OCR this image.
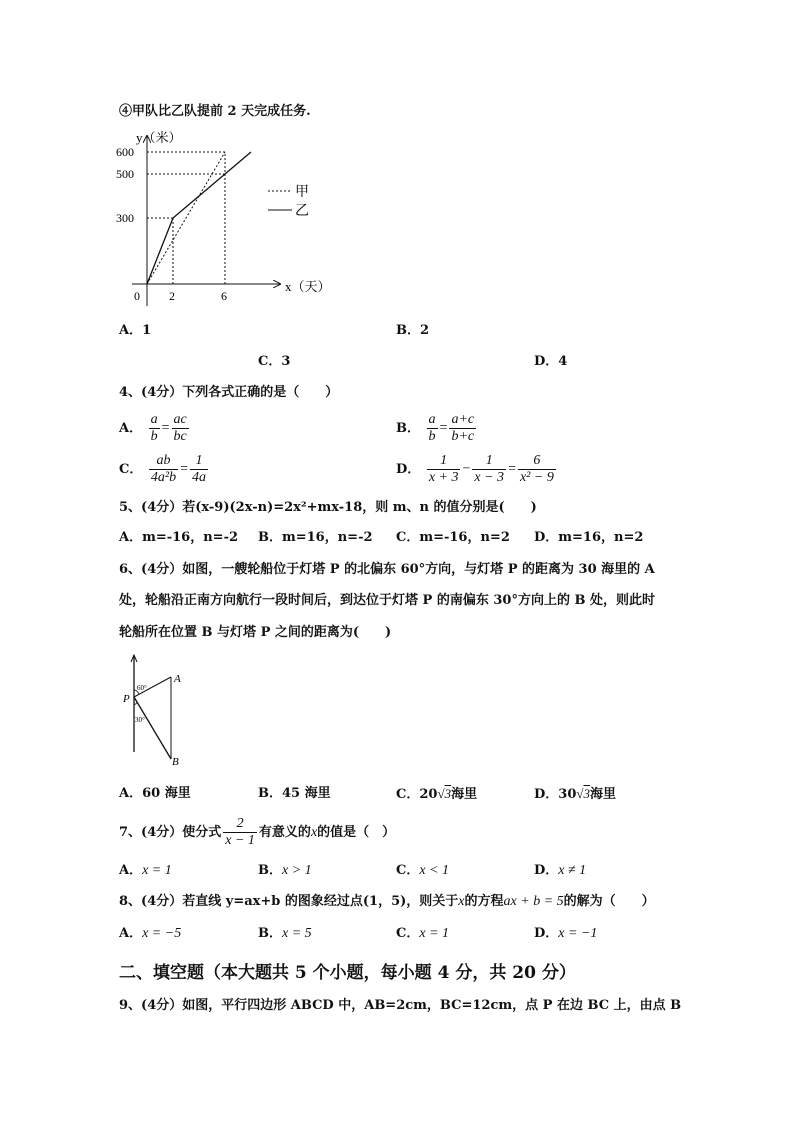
④甲队比乙队提前 2 天完成任务.
300
500
600
2	6
0
y（米）
x（天）
甲
乙
A．1	B．2
C．3	D．4
4、(4分）下列各式正确的是（　　）
A． $\frac{a}{b} = \frac{ac}{bc}$	B． $\frac{a}{b} = \frac{a+c}{b+c}$
C． $\frac{ab}{\text{4a²b}} = \frac{1}{4a}$	D． $\frac{1}{x + 3} - \frac{1}{x - 3} = \frac{6}{\text{x² − 9}}$
5、(4分）若(x-9)(2x-n)=2x²+mx-18，则 m、n 的值分别是(　　)
A．m=-16，n=-2 B．m=16，n=-2 C．m=-16，n=2 D．m=16，n=2
6、(4分）如图，一艘轮船位于灯塔 P 的北偏东 60°方向，与灯塔 P 的距离为 30 海里的 A
处，轮船沿正南方向航行一段时间后，到达位于灯塔 P 的南偏东 30°方向上的 B 处，则此时
轮船所在位置 B 与灯塔 P 之间的距离为(　　)
P
A
B
60°
30°
A．60 海里	B．45 海里	C．20√3海里	D．30√3海里
7、(4分）使分式 $\frac{2}{x - 1}$ 有意义的x的值是（　）
A．x = 1	B．x > 1	C．x < 1	D．x ≠ 1
8、(4分）若直线 y=ax+b 的图象经过点(1，5)，则关于x的方程ax + b = 5的解为（　　）
A．x = −5	B．x = 5	C．x = 1	D．x = −1
二、填空题（本大题共 5 个小题，每小题 4 分，共 20 分）
9、(4分）如图，平行四边形 ABCD 中，AB=2cm，BC=12cm，点 P 在边 BC 上，由点 B
